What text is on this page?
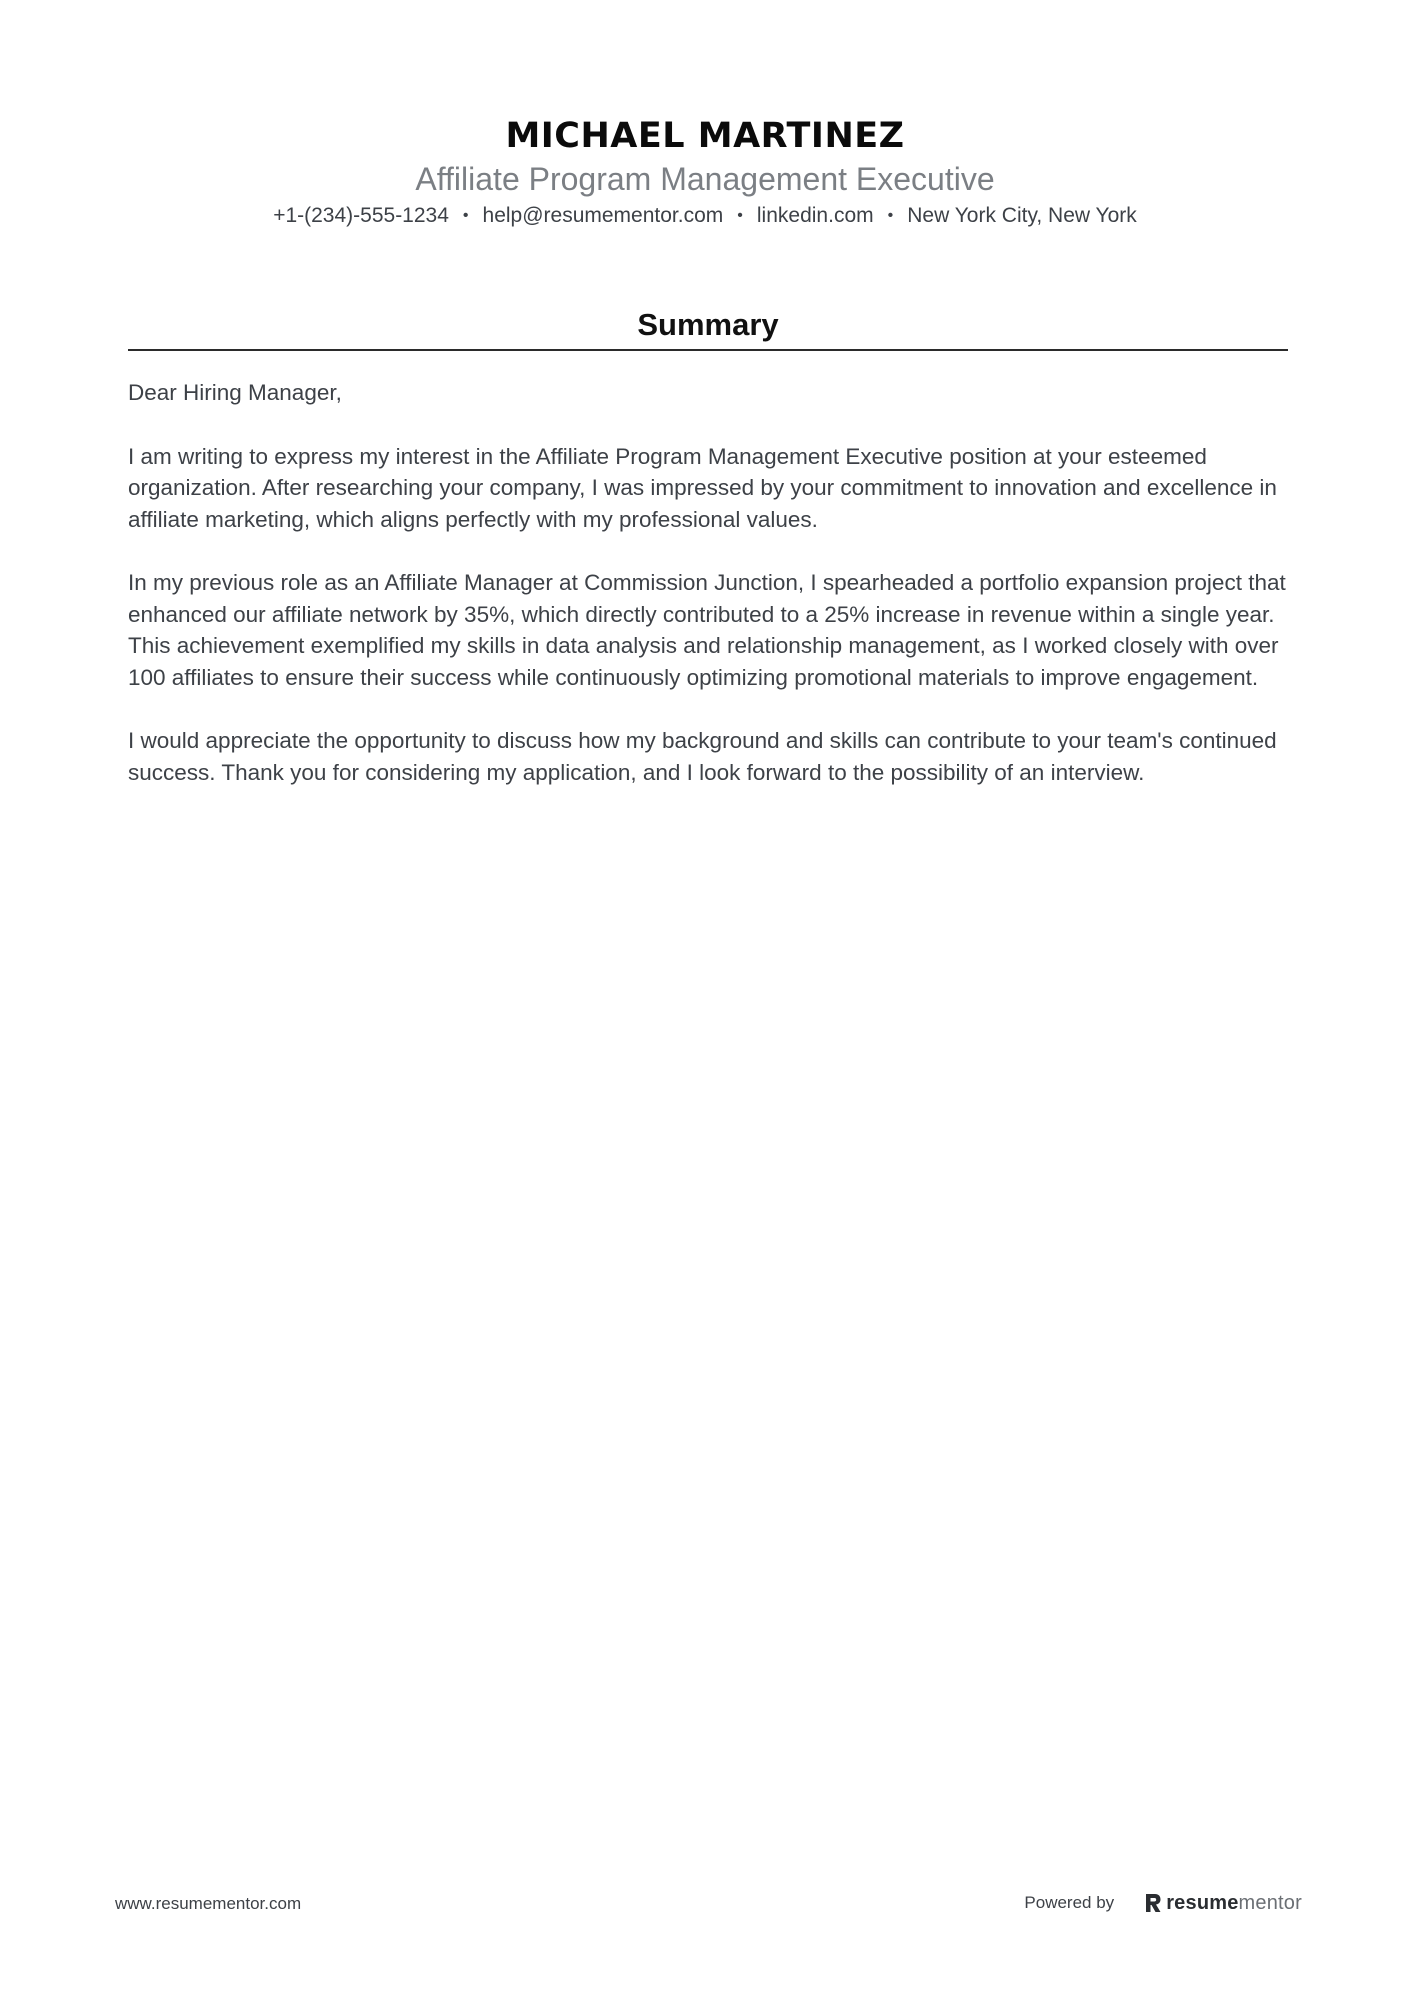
MICHAEL MARTINEZ

Affiliate Program Management Executive

+1-(234)-555-1234 • help@resumementor.com • linkedin.com • New York City, New York

Summary

Dear Hiring Manager,

I am writing to express my interest in the Affiliate Program Management Executive position at your esteemed organization. After researching your company, I was impressed by your commitment to innovation and excellence in affiliate marketing, which aligns perfectly with my professional values.

In my previous role as an Affiliate Manager at Commission Junction, I spearheaded a portfolio expansion project that enhanced our affiliate network by 35%, which directly contributed to a 25% increase in revenue within a single year. This achievement exemplified my skills in data analysis and relationship management, as I worked closely with over 100 affiliates to ensure their success while continuously optimizing promotional materials to improve engagement.

I would appreciate the opportunity to discuss how my background and skills can contribute to your team's continued success. Thank you for considering my application, and I look forward to the possibility of an interview.

www.resumementor.com	Powered by	resumementor
